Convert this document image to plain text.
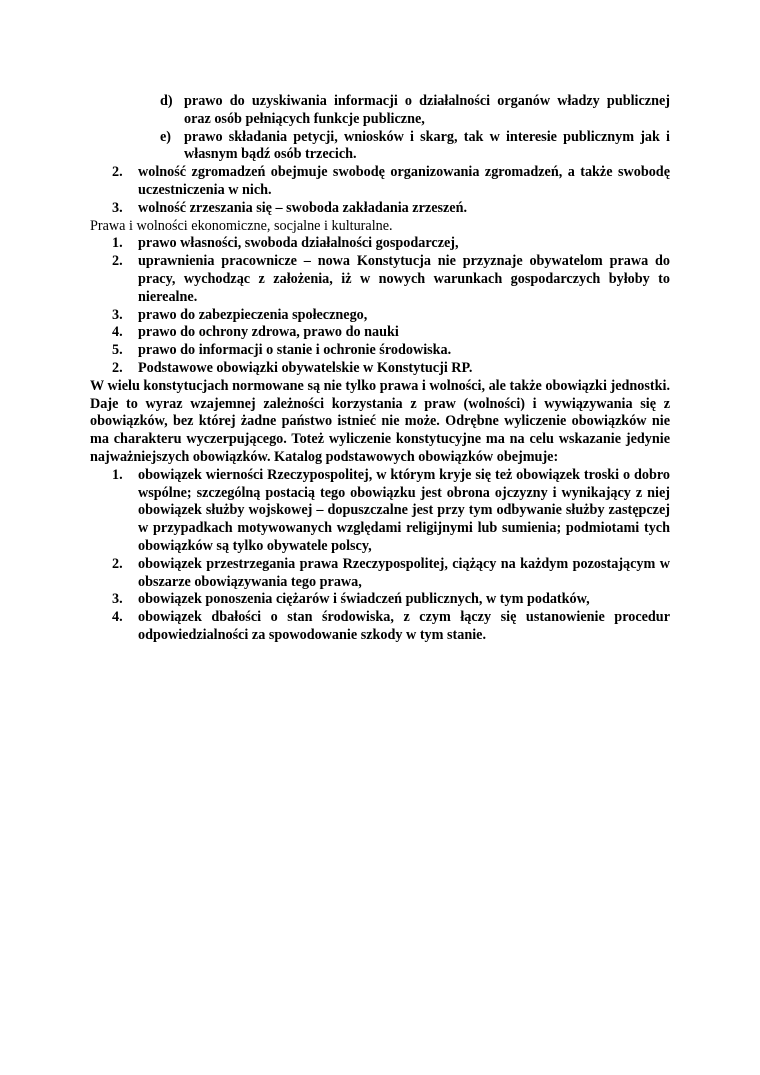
d) prawo do uzyskiwania informacji o działalności organów władzy publicznej oraz osób pełniących funkcje publiczne,
e) prawo składania petycji, wniosków i skarg, tak w interesie publicznym jak i własnym bądź osób trzecich.
2.	wolność zgromadzeń obejmuje swobodę organizowania zgromadzeń, a także swobodę uczestniczenia w nich.
3.	wolność zrzeszania się – swoboda zakładania zrzeszeń.

Prawa i wolności ekonomiczne, socjalne i kulturalne.

1.	prawo własności, swoboda działalności gospodarczej,
2.	uprawnienia pracownicze – nowa Konstytucja nie przyznaje obywatelom prawa do pracy, wychodząc z założenia, iż w nowych warunkach gospodarczych byłoby to nierealne.
3.	prawo do zabezpieczenia społecznego,
4.	prawo do ochrony zdrowa, prawo do nauki
5.	prawo do informacji o stanie i ochronie środowiska.
2.	Podstawowe obowiązki obywatelskie w Konstytucji RP.

W wielu konstytucjach normowane są nie tylko prawa i wolności, ale także obowiązki jednostki. Daje to wyraz wzajemnej zależności korzystania z praw (wolności) i wywiązywania się z obowiązków, bez której żadne państwo istnieć nie może. Odrębne wyliczenie obowiązków nie ma charakteru wyczerpującego. Toteż wyliczenie konstytucyjne ma na celu wskazanie jedynie najważniejszych obowiązków. Katalog podstawowych obowiązków obejmuje:

1.	obowiązek wierności Rzeczypospolitej, w którym kryje się też obowiązek troski o dobro wspólne; szczególną postacią tego obowiązku jest obrona ojczyzny i wynikający z niej obowiązek służby wojskowej – dopuszczalne jest przy tym odbywanie służby zastępczej w przypadkach motywowanych względami religijnymi lub sumienia; podmiotami tych obowiązków są tylko obywatele polscy,
2.	obowiązek przestrzegania prawa Rzeczypospolitej, ciążący na każdym pozostającym w obszarze obowiązywania tego prawa,
3.	obowiązek ponoszenia ciężarów i świadczeń publicznych, w tym podatków,
4.	obowiązek dbałości o stan środowiska, z czym łączy się ustanowienie procedur odpowiedzialności za spowodowanie szkody w tym stanie.
